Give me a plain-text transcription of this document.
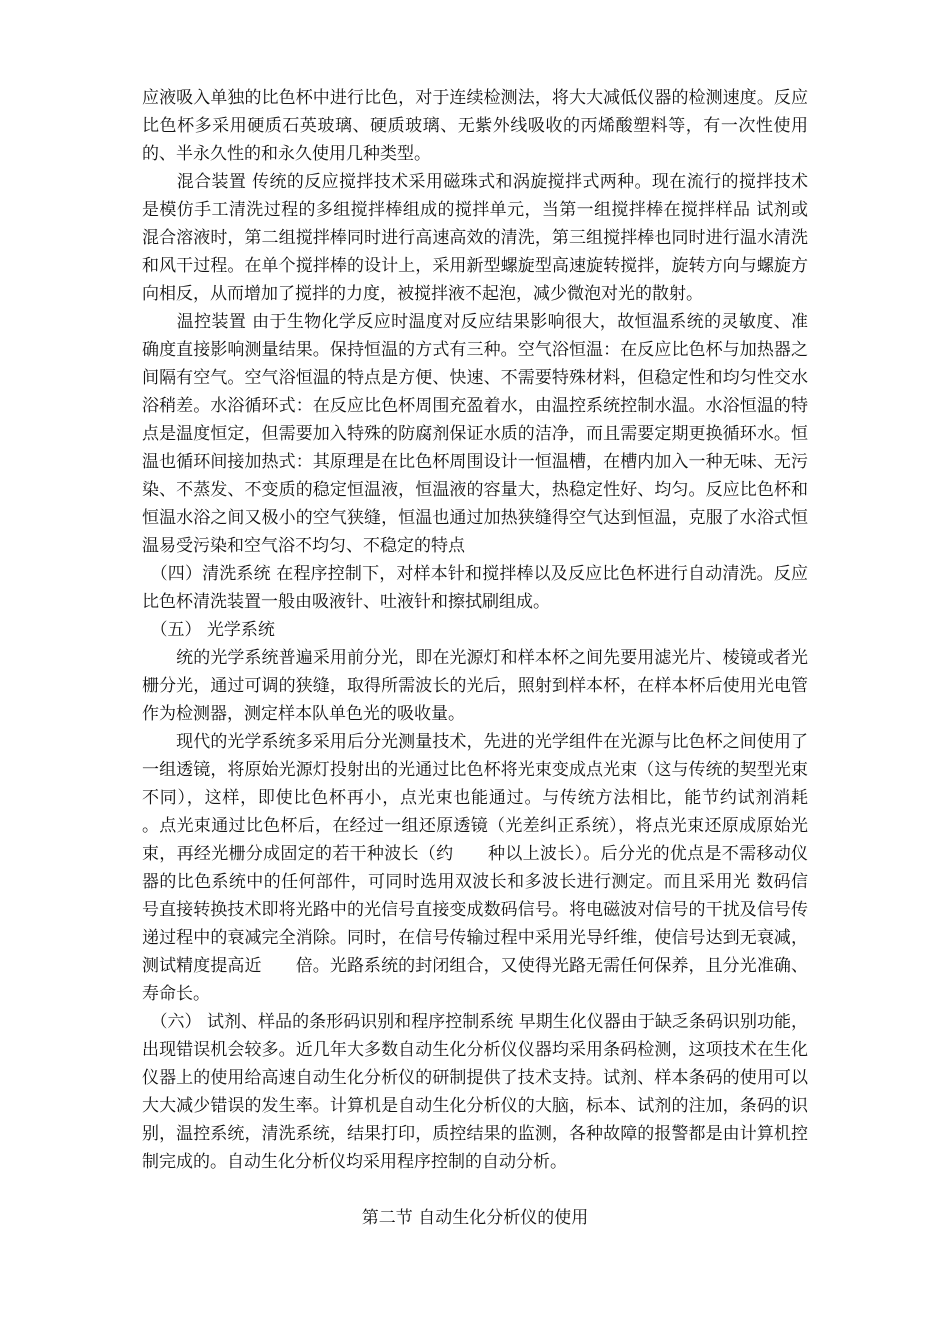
应液吸入单独的比色杯中进行比色，对于连续检测法，将大大减低仪器的检测速度。反应比色杯多采用硬质石英玻璃、硬质玻璃、无紫外线吸收的丙烯酸塑料等，有一次性使用的、半永久性的和永久使用几种类型。

　　混合装置 传统的反应搅拌技术采用磁珠式和涡旋搅拌式两种。现在流行的搅拌技术是模仿手工清洗过程的多组搅拌棒组成的搅拌单元，当第一组搅拌棒在搅拌样品 试剂或混合溶液时，第二组搅拌棒同时进行高速高效的清洗，第三组搅拌棒也同时进行温水清洗和风干过程。在单个搅拌棒的设计上，采用新型螺旋型高速旋转搅拌，旋转方向与螺旋方向相反，从而增加了搅拌的力度，被搅拌液不起泡，减少微泡对光的散射。

　　温控装置 由于生物化学反应时温度对反应结果影响很大，故恒温系统的灵敏度、准确度直接影响测量结果。保持恒温的方式有三种。空气浴恒温：在反应比色杯与加热器之间隔有空气。空气浴恒温的特点是方便、快速、不需要特殊材料，但稳定性和均匀性交水浴稍差。水浴循环式：在反应比色杯周围充盈着水，由温控系统控制水温。水浴恒温的特点是温度恒定，但需要加入特殊的防腐剂保证水质的洁净，而且需要定期更换循环水。恒温也循环间接加热式：其原理是在比色杯周围设计一恒温槽，在槽内加入一种无味、无污染、不蒸发、不变质的稳定恒温液，恒温液的容量大，热稳定性好、均匀。反应比色杯和恒温水浴之间又极小的空气狭缝，恒温也通过加热狭缝得空气达到恒温，克服了水浴式恒温易受污染和空气浴不均匀、不稳定的特点

　（四）清洗系统 在程序控制下，对样本针和搅拌棒以及反应比色杯进行自动清洗。反应比色杯清洗装置一般由吸液针、吐液针和擦拭刷组成。

　（五） 光学系统

　　统的光学系统普遍采用前分光，即在光源灯和样本杯之间先要用滤光片、棱镜或者光栅分光，通过可调的狭缝，取得所需波长的光后，照射到样本杯，在样本杯后使用光电管作为检测器，测定样本队单色光的吸收量。

　　现代的光学系统多采用后分光测量技术，先进的光学组件在光源与比色杯之间使用了一组透镜，将原始光源灯投射出的光通过比色杯将光束变成点光束（这与传统的契型光束不同），这样，即使比色杯再小，点光束也能通过。与传统方法相比，能节约试剂消耗　　　　。点光束通过比色杯后，在经过一组还原透镜（光差纠正系统），将点光束还原成原始光束，再经光栅分成固定的若干种波长（约　　种以上波长）。后分光的优点是不需移动仪器的比色系统中的任何部件，可同时选用双波长和多波长进行测定。而且采用光 数码信号直接转换技术即将光路中的光信号直接变成数码信号。将电磁波对信号的干扰及信号传递过程中的衰减完全消除。同时，在信号传输过程中采用光导纤维，使信号达到无衰减，测试精度提高近　　倍。光路系统的封闭组合，又使得光路无需任何保养，且分光准确、寿命长。

　（六） 试剂、样品的条形码识别和程序控制系统 早期生化仪器由于缺乏条码识别功能，出现错误机会较多。近几年大多数自动生化分析仪仪器均采用条码检测，这项技术在生化仪器上的使用给高速自动生化分析仪的研制提供了技术支持。试剂、样本条码的使用可以大大减少错误的发生率。计算机是自动生化分析仪的大脑，标本、试剂的注加，条码的识别，温控系统，清洗系统，结果打印，质控结果的监测，各种故障的报警都是由计算机控制完成的。自动生化分析仪均采用程序控制的自动分析。

第二节 自动生化分析仪的使用
